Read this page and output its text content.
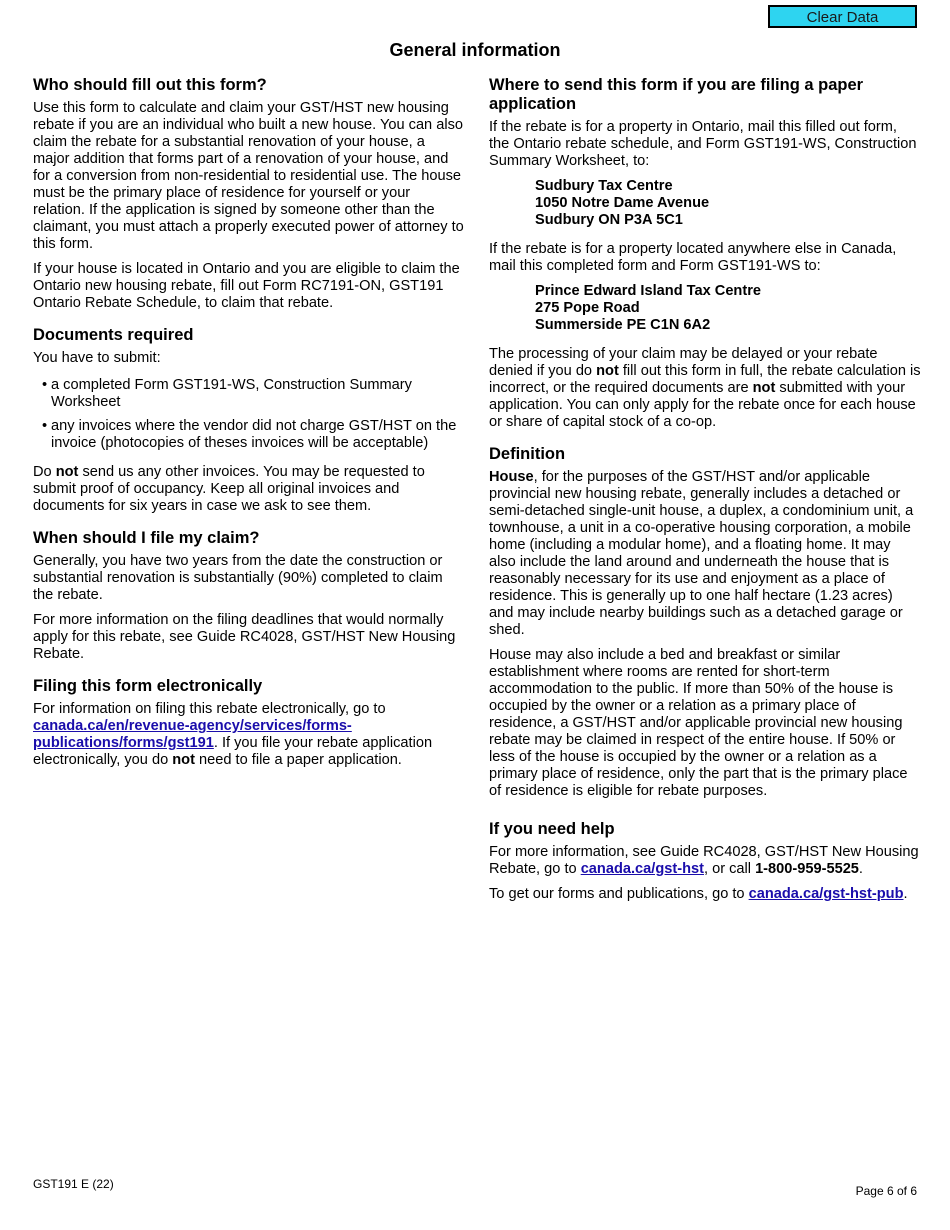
Clear Data
General information
Who should fill out this form?

Use this form to calculate and claim your GST/HST new housing rebate if you are an individual who built a new house. You can also claim the rebate for a substantial renovation of your house, a major addition that forms part of a renovation of your house, and for a conversion from non-residential to residential use. The house must be the primary place of residence for yourself or your relation. If the application is signed by someone other than the claimant, you must attach a properly executed power of attorney to this form.

If your house is located in Ontario and you are eligible to claim the Ontario new housing rebate, fill out Form RC7191-ON, GST191 Ontario Rebate Schedule, to claim that rebate.

Documents required

You have to submit:

• a completed Form GST191-WS, Construction Summary Worksheet
• any invoices where the vendor did not charge GST/HST on the invoice (photocopies of theses invoices will be acceptable)

Do not send us any other invoices. You may be requested to submit proof of occupancy. Keep all original invoices and documents for six years in case we ask to see them.

When should I file my claim?

Generally, you have two years from the date the construction or substantial renovation is substantially (90%) completed to claim the rebate.

For more information on the filing deadlines that would normally apply for this rebate, see Guide RC4028, GST/HST New Housing Rebate.

Filing this form electronically

For information on filing this rebate electronically, go to canada.ca/en/revenue-agency/services/forms-publications/forms/gst191. If you file your rebate application electronically, you do not need to file a paper application.

Where to send this form if you are filing a paper application

If the rebate is for a property in Ontario, mail this filled out form, the Ontario rebate schedule, and Form GST191-WS, Construction Summary Worksheet, to:

Sudbury Tax Centre
1050 Notre Dame Avenue
Sudbury ON P3A 5C1

If the rebate is for a property located anywhere else in Canada, mail this completed form and Form GST191-WS to:

Prince Edward Island Tax Centre
275 Pope Road
Summerside PE C1N 6A2

The processing of your claim may be delayed or your rebate denied if you do not fill out this form in full, the rebate calculation is incorrect, or the required documents are not submitted with your application. You can only apply for the rebate once for each house or share of capital stock of a co-op.

Definition

House, for the purposes of the GST/HST and/or applicable provincial new housing rebate, generally includes a detached or semi-detached single-unit house, a duplex, a condominium unit, a townhouse, a unit in a co-operative housing corporation, a mobile home (including a modular home), and a floating home. It may also include the land around and underneath the house that is reasonably necessary for its use and enjoyment as a place of residence. This is generally up to one half hectare (1.23 acres) and may include nearby buildings such as a detached garage or shed.

House may also include a bed and breakfast or similar establishment where rooms are rented for short-term accommodation to the public. If more than 50% of the house is occupied by the owner or a relation as a primary place of residence, a GST/HST and/or applicable provincial new housing rebate may be claimed in respect of the entire house. If 50% or less of the house is occupied by the owner or a relation as a primary place of residence, only the part that is the primary place of residence is eligible for rebate purposes.

If you need help

For more information, see Guide RC4028, GST/HST New Housing Rebate, go to canada.ca/gst-hst, or call 1-800-959-5525.

To get our forms and publications, go to canada.ca/gst-hst-pub.

GST191 E (22)	Page 6 of 6
